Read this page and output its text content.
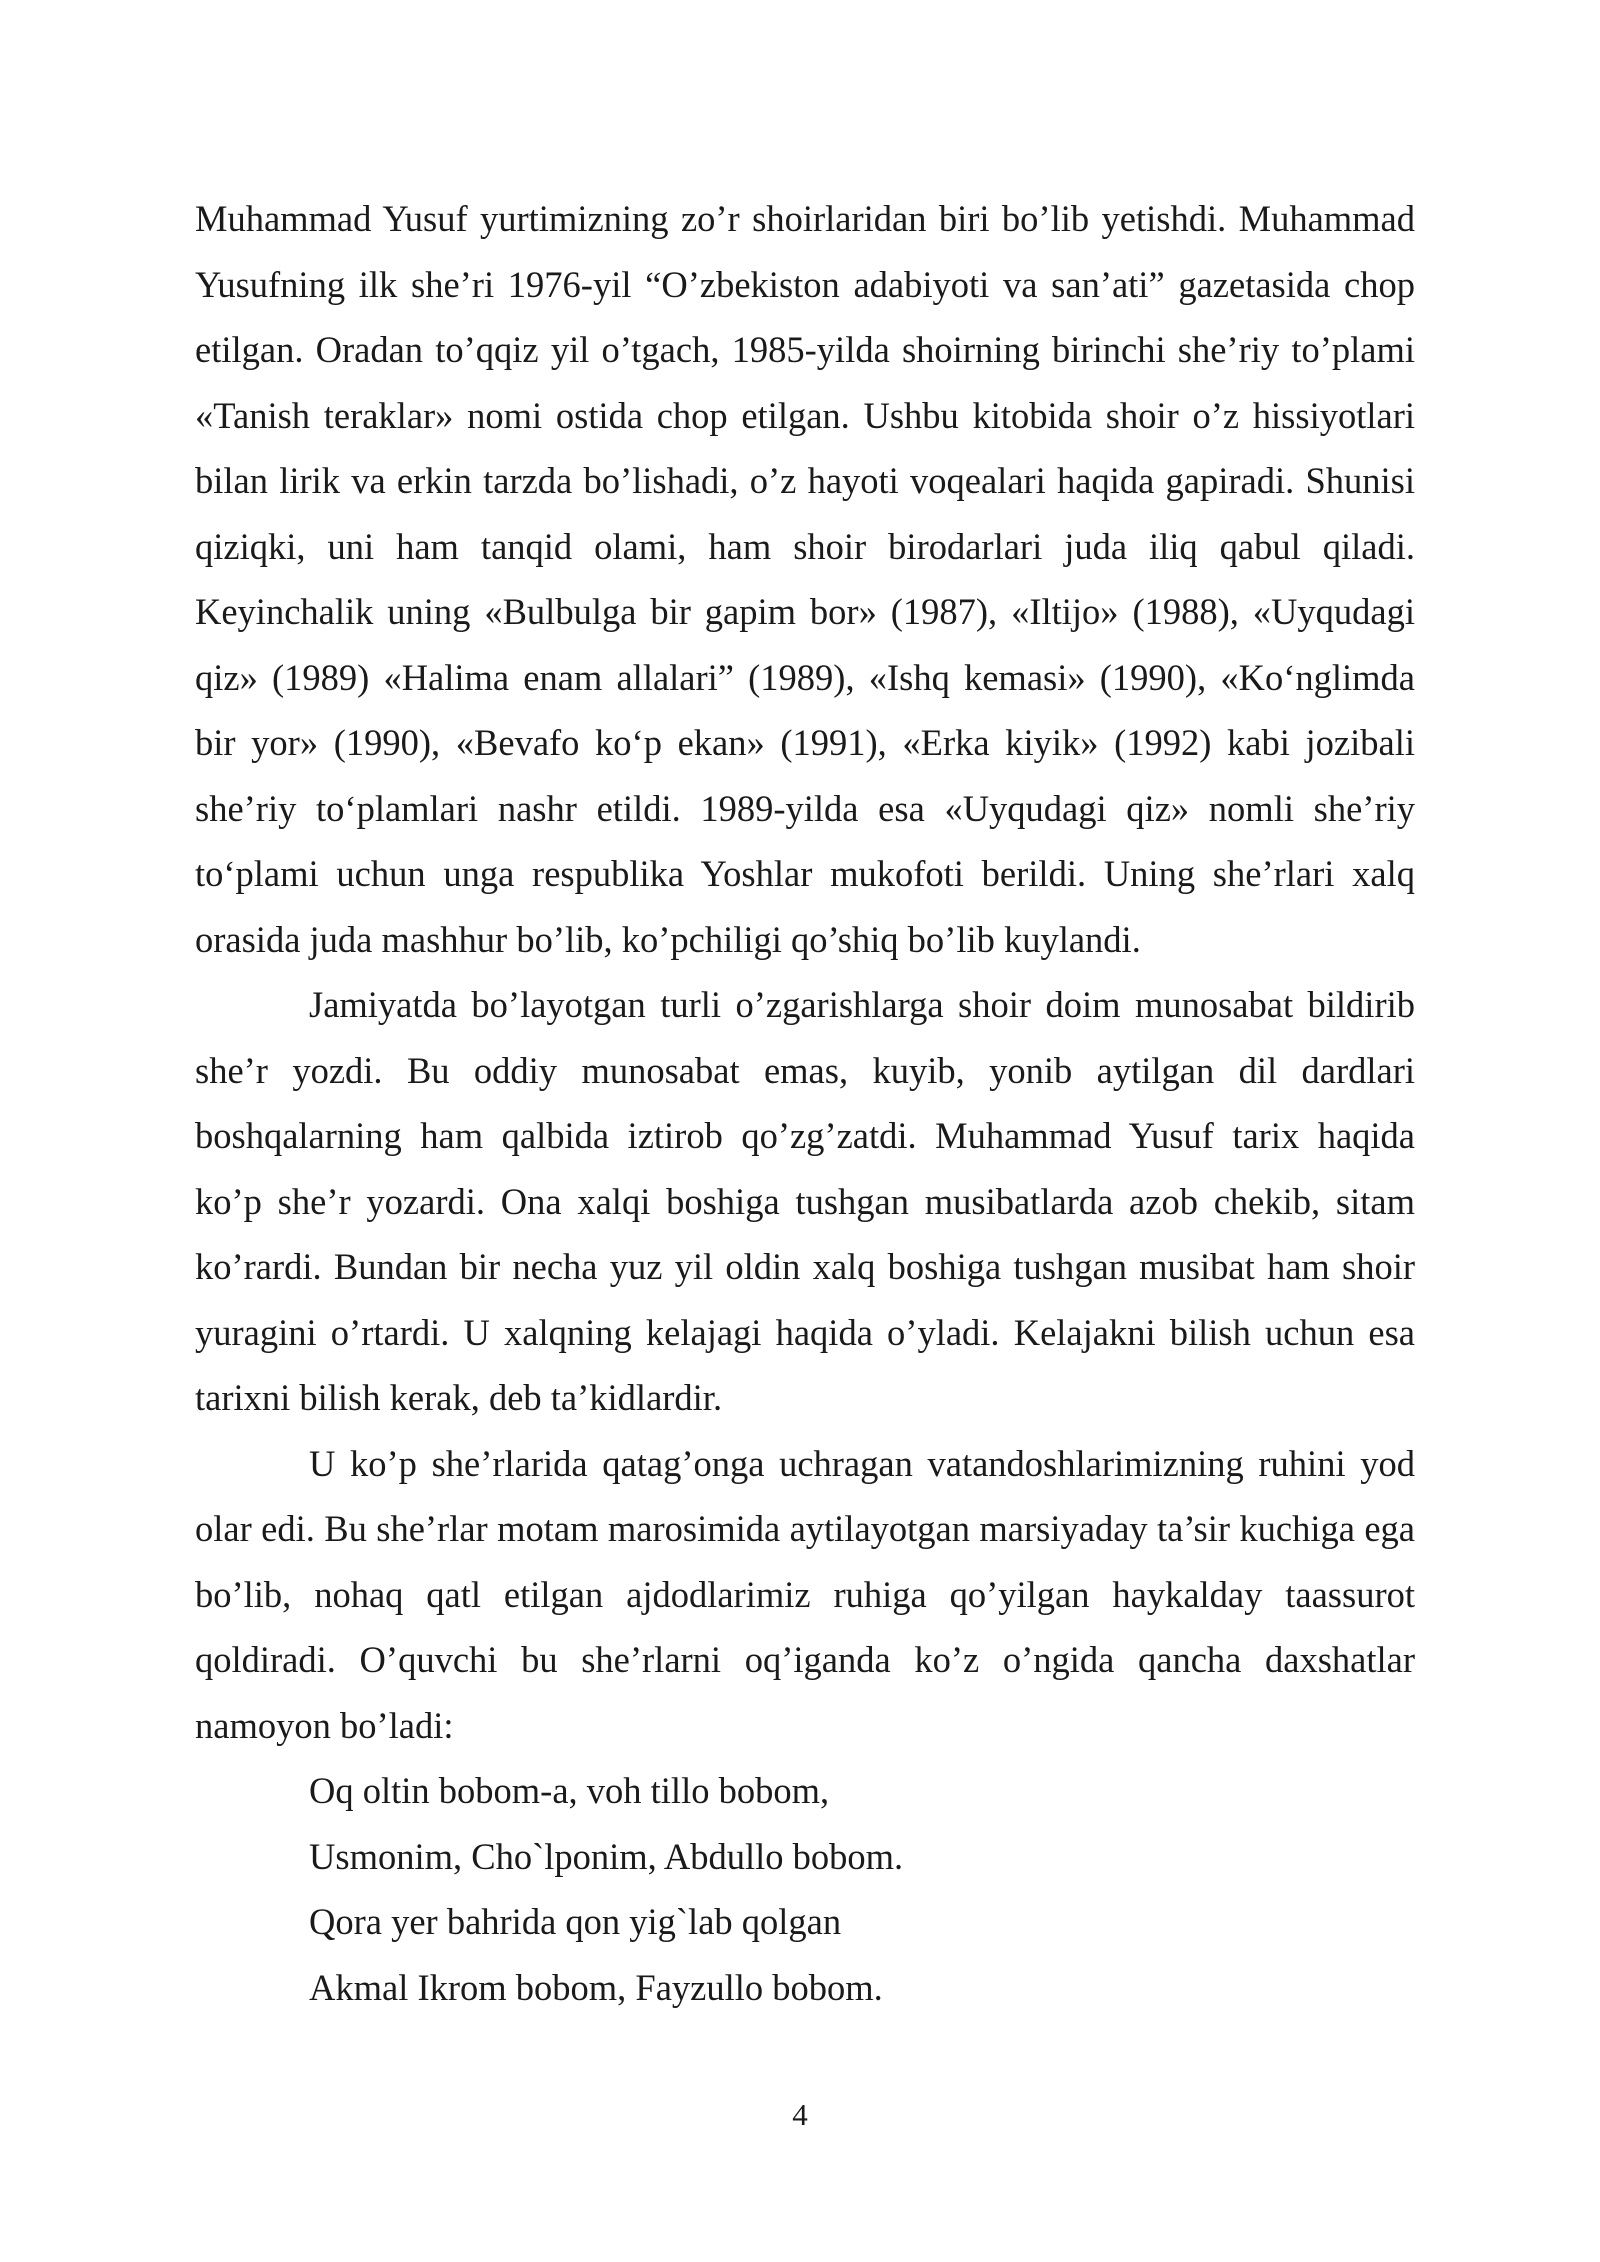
Muhammad Yusuf yurtimizning zo’r shoirlaridan biri bo’lib yetishdi. Muhammad Yusufning ilk she’ri 1976-yil “O’zbekiston adabiyoti va san’ati” gazetasida chop etilgan. Oradan to’qqiz yil o’tgach, 1985-yilda shoirning birinchi she’riy to’plami «Tanish teraklar» nomi ostida chop etilgan. Ushbu kitobida shoir o’z hissiyotlari bilan lirik va erkin tarzda bo’lishadi, o’z hayoti voqealari haqida gapiradi. Shunisi qiziqki, uni ham tanqid olami, ham shoir birodarlari juda iliq qabul qiladi. Keyinchalik uning «Bulbulga bir gapim bor» (1987), «Iltijo» (1988), «Uyqudagi qiz» (1989) «Halima enam allalari” (1989), «Ishq kemasi» (1990), «Ko‘nglimda bir yor» (1990), «Bevafo ko‘p ekan» (1991), «Erka kiyik» (1992) kabi jozibali she’riy to‘plamlari nashr etildi. 1989-yilda esa «Uyqudagi qiz» nomli she’riy to‘plami uchun unga respublika Yoshlar mukofoti berildi. Uning she’rlari xalq orasida juda mashhur bo’lib, ko’pchiligi qo’shiq bo’lib kuylandi.

Jamiyatda bo’layotgan turli o’zgarishlarga shoir doim munosabat bildirib she’r yozdi. Bu oddiy munosabat emas, kuyib, yonib aytilgan dil dardlari boshqalarning ham qalbida iztirob qo’zg’zatdi. Muhammad Yusuf tarix haqida ko’p she’r yozardi. Ona xalqi boshiga tushgan musibatlarda azob chekib, sitam ko’rardi. Bundan bir necha yuz yil oldin xalq boshiga tushgan musibat ham shoir yuragini o’rtardi. U xalqning kelajagi haqida o’yladi. Kelajakni bilish uchun esa tarixni bilish kerak, deb ta’kidlardir.

U ko’p she’rlarida qatag’onga uchragan vatandoshlarimizning ruhini yod olar edi. Bu she’rlar motam marosimida aytilayotgan marsiyaday ta’sir kuchiga ega bo’lib, nohaq qatl etilgan ajdodlarimiz ruhiga qo’yilgan haykalday taassurot qoldiradi. O’quvchi bu she’rlarni oq’iganda ko’z o’ngida qancha daxshatlar namoyon bo’ladi:

Oq oltin bobom-a, voh tillo bobom,
Usmonim, Cho`lponim, Abdullo bobom.
Qora yer bahrida qon yig`lab qolgan
Akmal Ikrom bobom, Fayzullo bobom.
4
